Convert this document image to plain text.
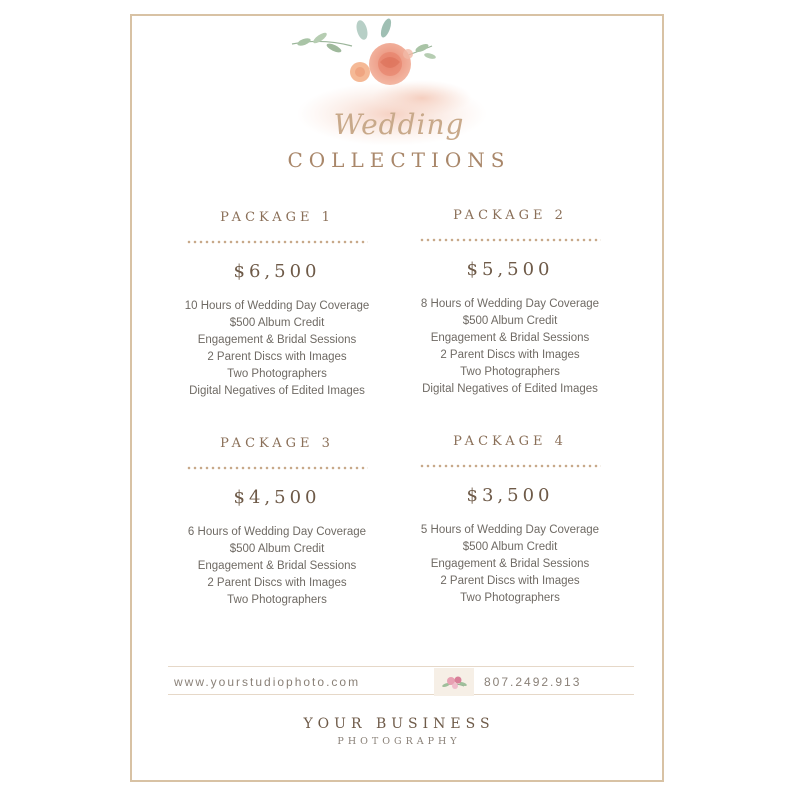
Wedding
COLLECTIONS
PACKAGE 1
$6,500
10 Hours of Wedding Day Coverage
$500 Album Credit
Engagement & Bridal Sessions
2 Parent Discs with Images
Two Photographers
Digital Negatives of Edited Images
PACKAGE 2
$5,500
8 Hours of Wedding Day Coverage
$500 Album Credit
Engagement & Bridal Sessions
2 Parent Discs with Images
Two Photographers
Digital Negatives of Edited Images
PACKAGE 3
$4,500
6 Hours of Wedding Day Coverage
$500 Album Credit
Engagement & Bridal Sessions
2 Parent Discs with Images
Two Photographers
PACKAGE 4
$3,500
5 Hours of Wedding Day Coverage
$500 Album Credit
Engagement & Bridal Sessions
2 Parent Discs with Images
Two Photographers
www.yourstudiophoto.com	807.2492.913
YOUR BUSINESS
PHOTOGRAPHY
